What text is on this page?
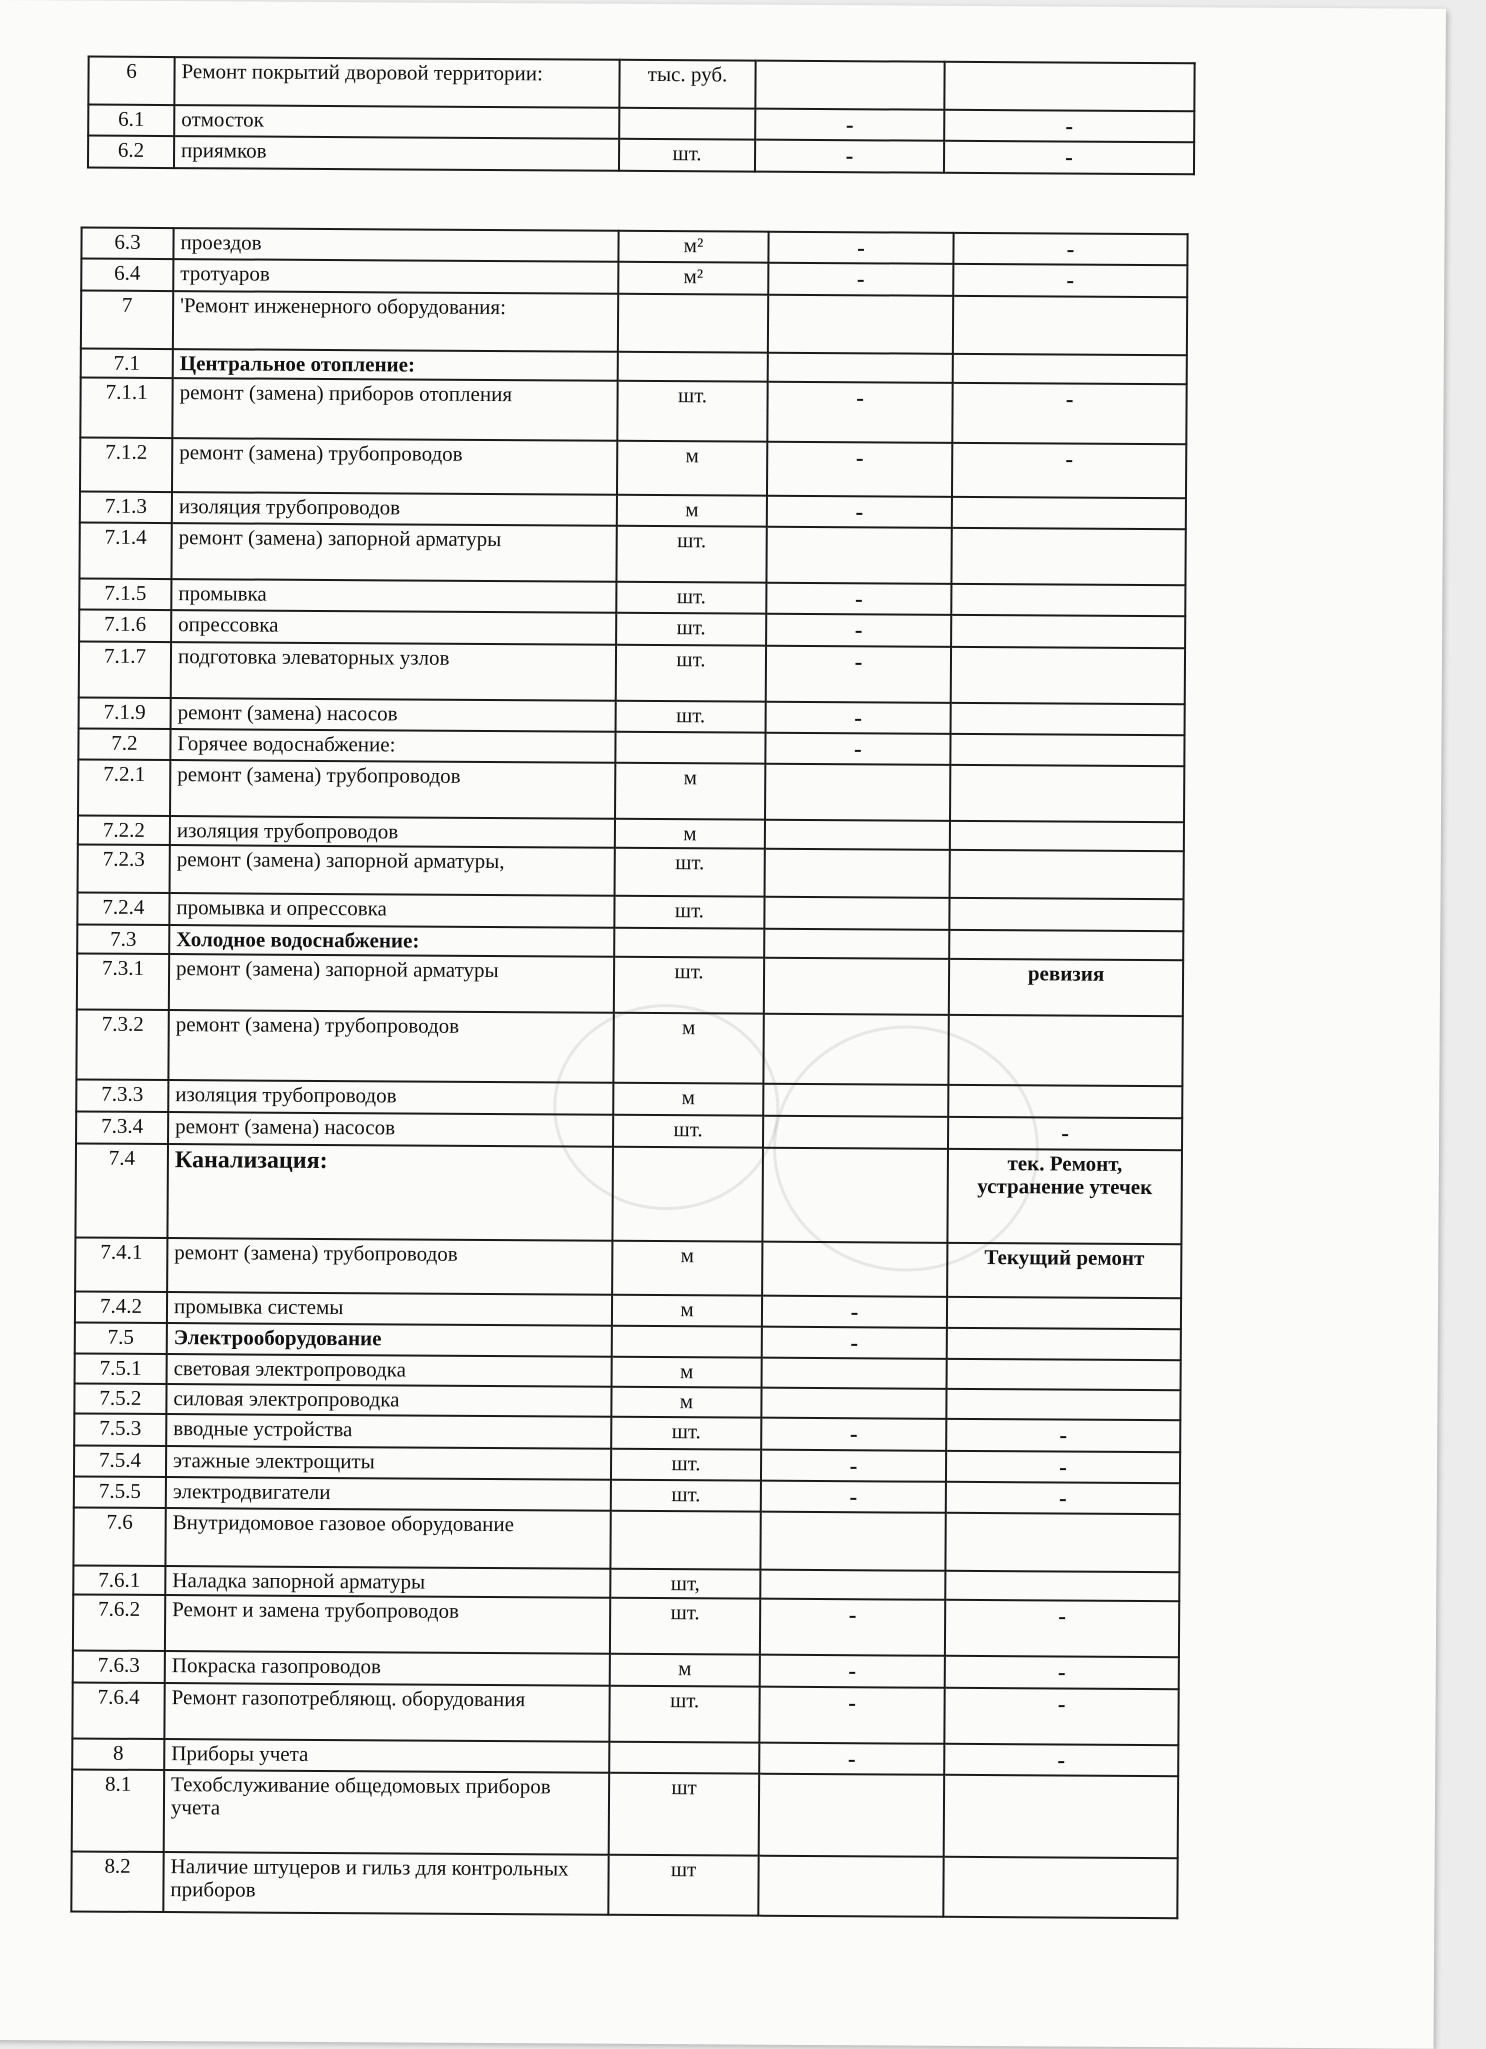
6	Ремонт покрытий дворовой территории:	тыс. руб.		
6.1	отмосток		-	-
6.2	приямков	шт.	-	-
6.3	проездов	м²	-	-
6.4	тротуаров	м²	-	-
7	'Ремонт инженерного оборудования:			
7.1	Центральное отопление:			
7.1.1	ремонт (замена) приборов отопления	шт.	-	-
7.1.2	ремонт (замена) трубопроводов	м	-	-
7.1.3	изоляция трубопроводов	м	-	
7.1.4	ремонт (замена) запорной арматуры	шт.		
7.1.5	промывка	шт.	-	
7.1.6	опрессовка	шт.	-	
7.1.7	подготовка элеваторных узлов	шт.	-	
7.1.9	ремонт (замена) насосов	шт.	-	
7.2	Горячее водоснабжение:		-	
7.2.1	ремонт (замена) трубопроводов	м		
7.2.2	изоляция трубопроводов	м		
7.2.3	ремонт (замена) запорной арматуры,	шт.		
7.2.4	промывка и опрессовка	шт.		
7.3	Холодное водоснабжение:			
7.3.1	ремонт (замена) запорной арматуры	шт.		ревизия
7.3.2	ремонт (замена) трубопроводов	м		
7.3.3	изоляция трубопроводов	м		
7.3.4	ремонт (замена) насосов	шт.		-
7.4	Канализация:			тек. Ремонт, устранение утечек
7.4.1	ремонт (замена) трубопроводов	м		Текущий ремонт
7.4.2	промывка системы	м	-	
7.5	Электрооборудование		-	
7.5.1	световая электропроводка	м		
7.5.2	силовая электропроводка	м		
7.5.3	вводные устройства	шт.	-	-
7.5.4	этажные электрощиты	шт.	-	-
7.5.5	электродвигатели	шт.	-	-
7.6	Внутридомовое газовое оборудование			
7.6.1	Наладка запорной арматуры	шт,		
7.6.2	Ремонт и замена трубопроводов	шт.	-	-
7.6.3	Покраска газопроводов	м	-	-
7.6.4	Ремонт газопотребляющ. оборудования	шт.	-	-
8	Приборы учета		-	-
8.1	Техобслуживание общедомовых приборов учета	шт		
8.2	Наличие штуцеров и гильз для контрольных приборов	шт		
